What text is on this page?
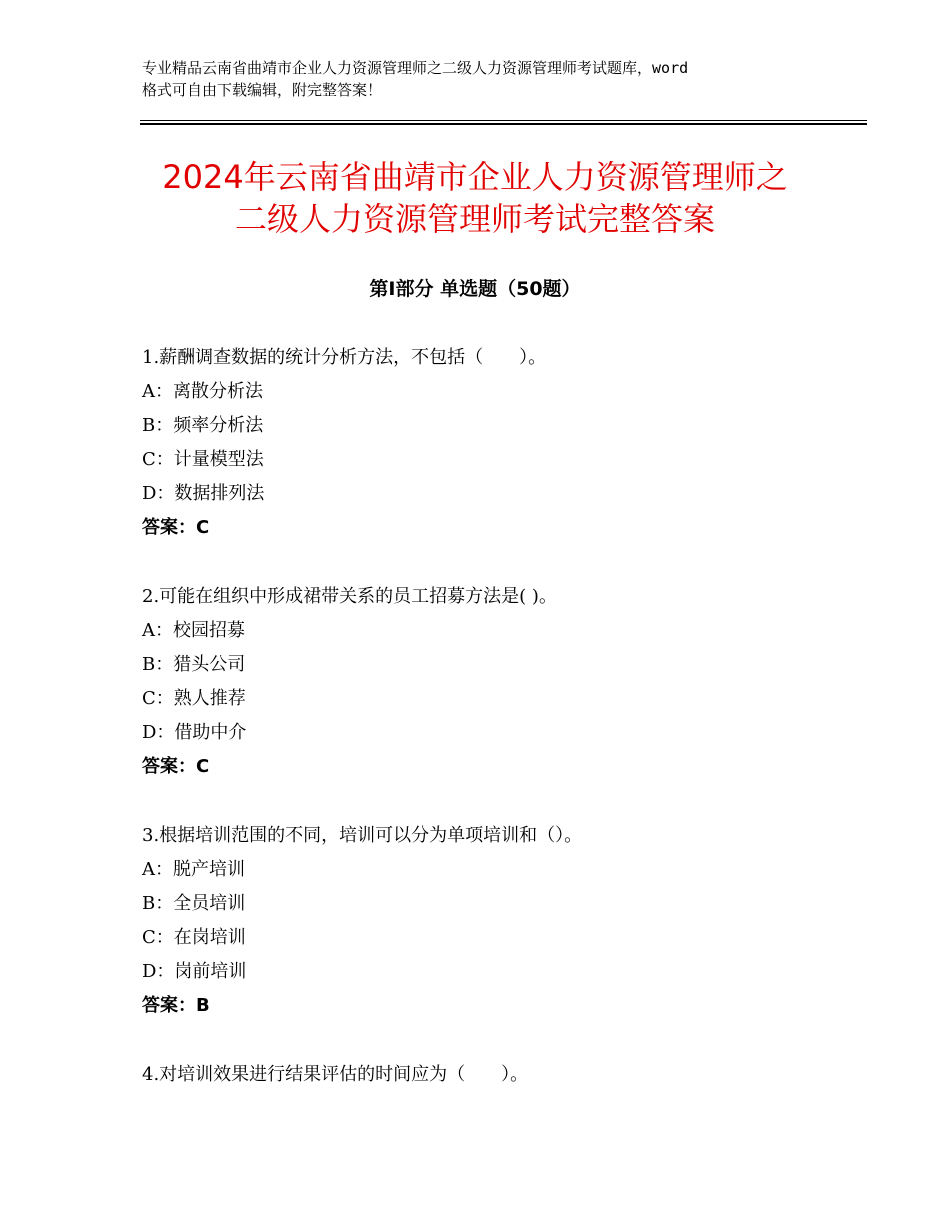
专业精品云南省曲靖市企业人力资源管理师之二级人力资源管理师考试题库，word
格式可自由下载编辑，附完整答案！
2024年云南省曲靖市企业人力资源管理师之
二级人力资源管理师考试完整答案
第Ⅰ部分 单选题（50题）
1.薪酬调查数据的统计分析方法，不包括（　　）。
A：离散分析法
B：频率分析法
C：计量模型法
D：数据排列法
答案：C
2.可能在组织中形成裙带关系的员工招募方法是( )。
A：校园招募
B：猎头公司
C：熟人推荐
D：借助中介
答案：C
3.根据培训范围的不同，培训可以分为单项培训和（）。
A：脱产培训
B：全员培训
C：在岗培训
D：岗前培训
答案：B
4.对培训效果进行结果评估的时间应为（　　）。
